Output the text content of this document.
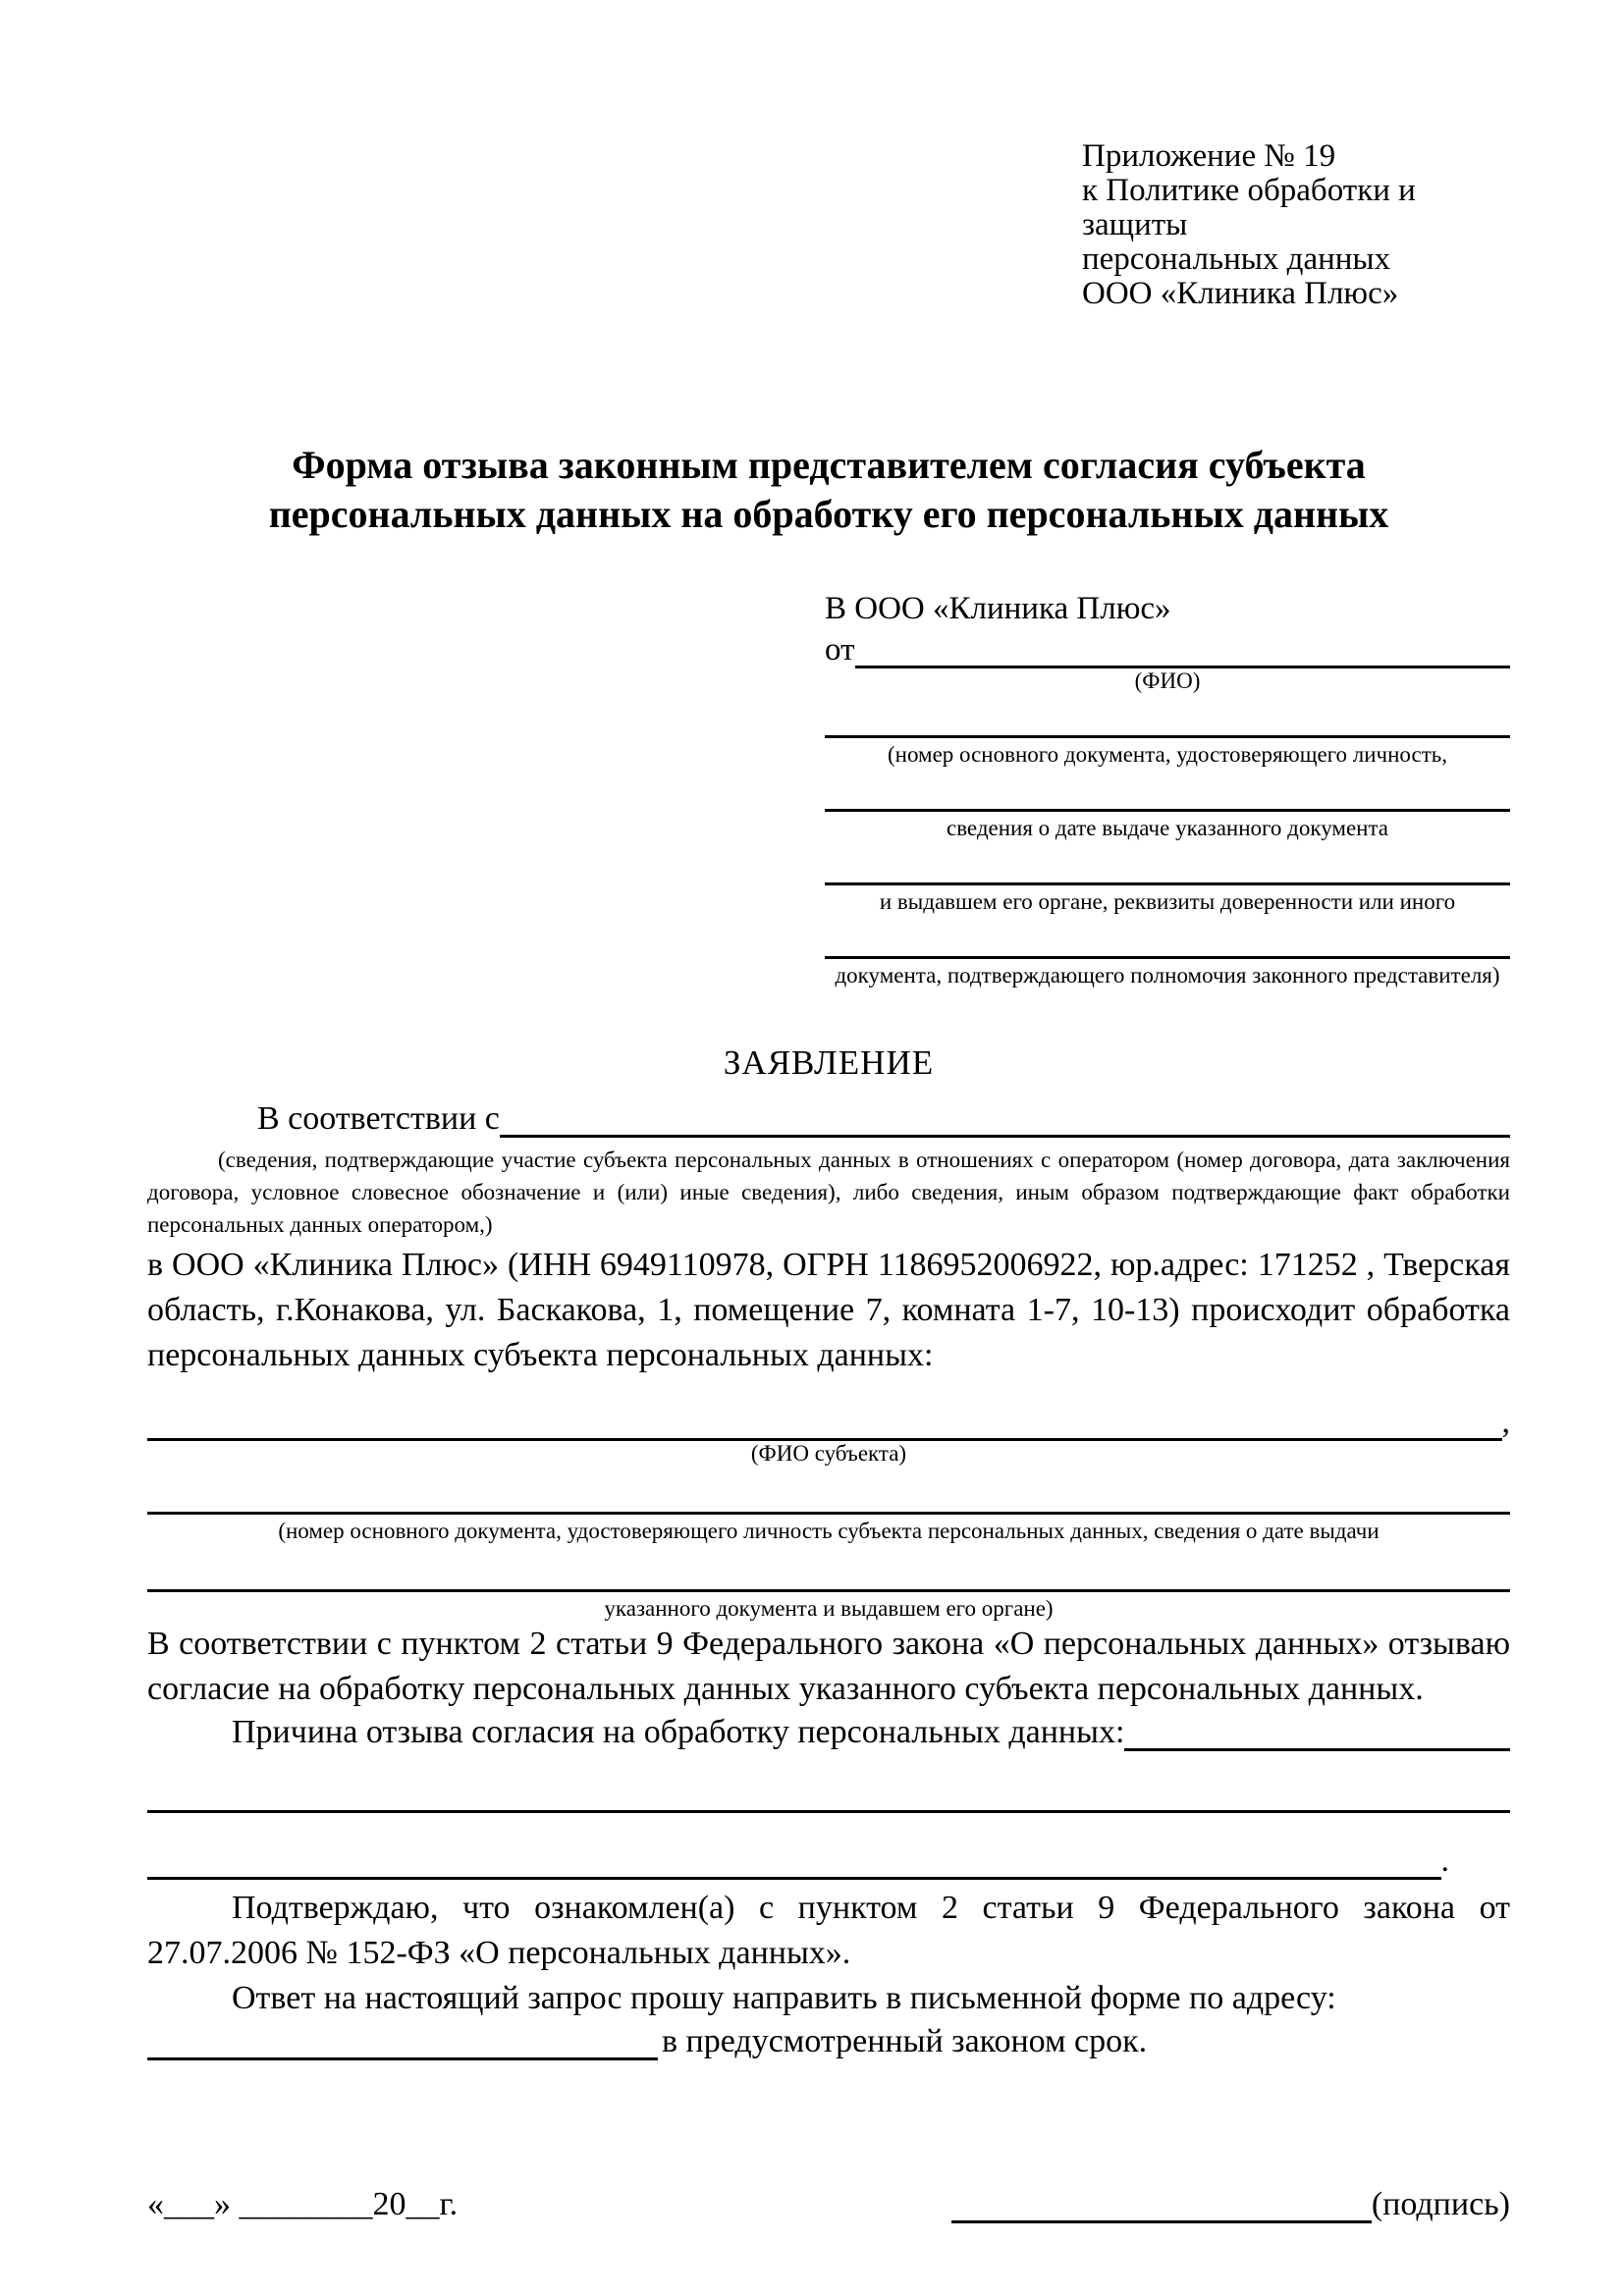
Приложение № 19
к Политике обработки и защиты
персональных данных
ООО «Клиника Плюс»
Форма отзыва законным представителем согласия субъекта
персональных данных на обработку его персональных данных
В ООО «Клиника Плюс»
от

(ФИО)
(номер основного документа, удостоверяющего личность,
сведения о дате выдаче указанного документа
и выдавшем его органе, реквизиты доверенности или иного
документа, подтверждающего полномочия законного представителя)
ЗАЯВЛЕНИЕ
В соответствии с

(сведения, подтверждающие участие субъекта персональных данных в отношениях с оператором (номер договора, дата заключения договора, условное словесное обозначение и (или) иные сведения), либо сведения, иным образом подтверждающие факт обработки персональных данных оператором,)
в ООО «Клиника Плюс» (ИНН 6949110978, ОГРН 1186952006922, юр.адрес: 171252 , Тверская область, г.Конакова, ул. Баскакова, 1, помещение 7, комната 1-7, 10-13) происходит обработка персональных данных субъекта персональных данных:

,
(ФИО субъекта)
(номер основного документа, удостоверяющего личность субъекта персональных данных, сведения о дате выдачи
указанного документа и выдавшем его органе)
В соответствии с пунктом 2 статьи 9 Федерального закона «О персональных данных» отзываю согласие на обработку персональных данных указанного субъекта персональных данных.
Причина отзыва согласия на обработку персональных данных:

.
Подтверждаю, что ознакомлен(а) с пунктом 2 статьи 9 Федерального закона от 27.07.2006 № 152-ФЗ «О персональных данных».
Ответ на настоящий запрос прошу направить в письменной форме по адресу:

в предусмотренный законом срок.
«___» ________20__г.
	(подпись)
